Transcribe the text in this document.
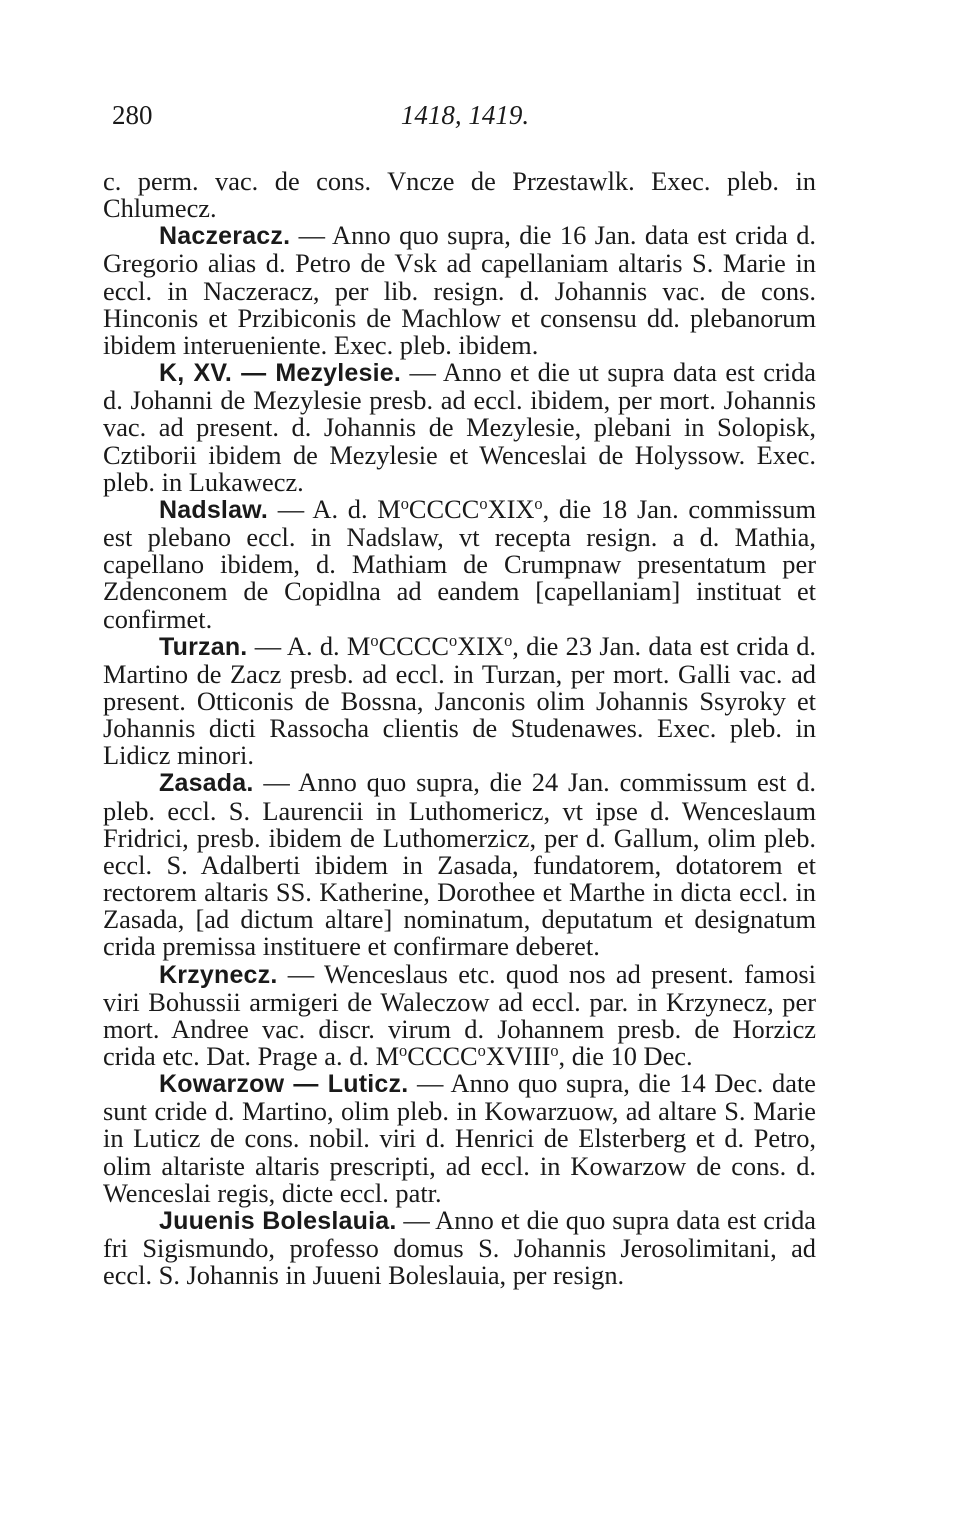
280	1418, 1419.

c. perm. vac. de cons. Vncze de Przestawlk. Exec. pleb. in Chlumecz.

Naczeracz. — Anno quo supra, die 16 Jan. data est crida d. Gregorio alias d. Petro de Vsk ad capellaniam altaris S. Marie in eccl. in Naczeracz, per lib. resign. d. Johannis vac. de cons. Hinconis et Przibiconis de Machlow et consensu dd. plebanorum ibidem interueniente. Exec. pleb. ibidem.

K, XV. — Mezylesie. — Anno et die ut supra data est crida d. Johanni de Mezylesie presb. ad eccl. ibidem, per mort. Johannis vac. ad present. d. Johannis de Mezylesie, plebani in Solopisk, Cztiborii ibidem de Mezylesie et Wenceslai de Holyssow. Exec. pleb. in Lukawecz.

Nadslaw. — A. d. $M^oCCCC^oXIX^o$, die 18 Jan. commissum est plebano eccl. in Nadslaw, vt recepta resign. a d. Mathia, capellano ibidem, d. Mathiam de Crumpnaw presentatum per Zdenconem de Copidlna ad eandem [capellaniam] instituat et confirmet.

Turzan. — A. d. $M^oCCCC^oXIX^o$, die 23 Jan. data est crida d. Martino de Zacz presb. ad eccl. in Turzan, per mort. Galli vac. ad present. Otticonis de Bossna, Janconis olim Johannis Ssyroky et Johannis dicti Rassocha clientis de Studenawes. Exec. pleb. in Lidicz minori.

Zasada. — Anno quo supra, die 24 Jan. commissum est d. pleb. eccl. S. Laurencii in Luthomericz, vt ipse d. Wenceslaum Fridrici, presb. ibidem de Luthomerzicz, per d. Gallum, olim pleb. eccl. S. Adalberti ibidem in Zasada, fundatorem, dotatorem et rectorem altaris SS. Katherine, Dorothee et Marthe in dicta eccl. in Zasada, [ad dictum altare] nominatum, deputatum et designatum crida premissa instituere et confirmare deberet.

Krzynecz. — Wenceslaus etc. quod nos ad present. famosi viri Bohussii armigeri de Waleczow ad eccl. par. in Krzynecz, per mort. Andree vac. discr. virum d. Johannem presb. de Horzicz crida etc. Dat. Prage a. d. $M^oCCCC^oXVIII^o$, die 10 Dec.

Kowarzow — Luticz. — Anno quo supra, die 14 Dec. date sunt cride d. Martino, olim pleb. in Kowarzuow, ad altare S. Marie in Luticz de cons. nobil. viri d. Henrici de Elsterberg et d. Petro, olim altariste altaris prescripti, ad eccl. in Kowarzow de cons. d. Wenceslai regis, dicte eccl. patr.

Juuenis Boleslauia. — Anno et die quo supra data est crida fri Sigismundo, professo domus S. Johannis Jerosolimitani, ad eccl. S. Johannis in Juueni Boleslauia, per resign.
